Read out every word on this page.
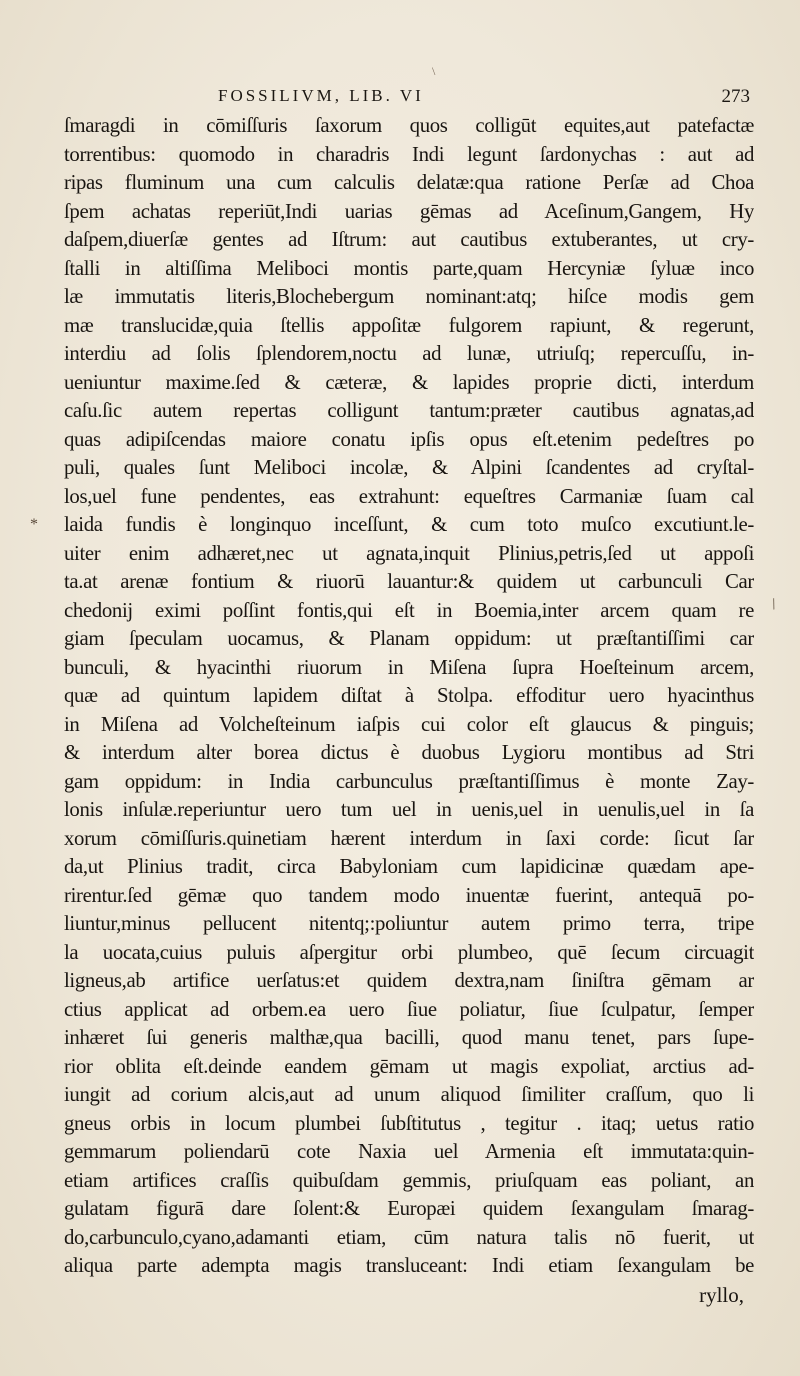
\
FOSSILIVM, LIB. VI	273
ſmaragdi in cōmiſſuris ſaxorum quos colligūt equites,aut patefactæ
torrentibus: quomodo in charadris Indi legunt ſardonychas : aut ad
ripas fluminum una cum calculis delatæ:qua ratione Perſæ ad Choa
ſpem achatas reperiūt,Indi uarias gēmas ad Aceſinum,Gangem, Hy
daſpem,diuerſæ gentes ad Iſtrum: aut cautibus extuberantes, ut cry-
ſtalli in altiſſima Meliboci montis parte,quam Hercyniæ ſyluæ inco
læ immutatis literis,Blochebergum nominant:atq; hiſce modis gem
mæ translucidæ,quia ſtellis appoſitæ fulgorem rapiunt, & regerunt,
interdiu ad ſolis ſplendorem,noctu ad lunæ, utriuſq; repercuſſu, in-
ueniuntur maxime.ſed & cæteræ, & lapides proprie dicti, interdum
caſu.ſic autem repertas colligunt tantum:præter cautibus agnatas,ad
quas adipiſcendas maiore conatu ipſis opus eſt.etenim pedeſtres po
puli, quales ſunt Meliboci incolæ, & Alpini ſcandentes ad cryſtal-
los,uel fune pendentes, eas extrahunt: equeſtres Carmaniæ ſuam cal
laida fundis è longinquo inceſſunt, & cum toto muſco excutiunt.le-
uiter enim adhæret,nec ut agnata,inquit Plinius,petris,ſed ut appoſi
ta.at arenæ fontium & riuorū lauantur:& quidem ut carbunculi Car
chedonij eximi poſſint fontis,qui eſt in Boemia,inter arcem quam re
giam ſpeculam uocamus, & Planam oppidum: ut præſtantiſſimi car
bunculi, & hyacinthi riuorum in Miſena ſupra Hoeſteinum arcem,
quæ ad quintum lapidem diſtat à Stolpa. effoditur uero hyacinthus
in Miſena ad Volcheſteinum iaſpis cui color eſt glaucus & pinguis;
& interdum alter borea dictus è duobus Lygioru montibus ad Stri
gam oppidum: in India carbunculus præſtantiſſimus è monte Zay-
lonis inſulæ.reperiuntur uero tum uel in uenis,uel in uenulis,uel in ſa
xorum cōmiſſuris.quinetiam hærent interdum in ſaxi corde: ſicut ſar
da,ut Plinius tradit, circa Babyloniam cum lapidicinæ quædam ape-
rirentur.ſed gēmæ quo tandem modo inuentæ fuerint, antequā po-
liuntur,minus pellucent nitentq;:poliuntur autem primo terra, tripe
la uocata,cuius puluis aſpergitur orbi plumbeo, quē ſecum circuagit
ligneus,ab artifice uerſatus:et quidem dextra,nam ſiniſtra gēmam ar
ctius applicat ad orbem.ea uero ſiue poliatur, ſiue ſculpatur, ſemper
inhæret ſui generis malthæ,qua bacilli, quod manu tenet, pars ſupe-
rior oblita eſt.deinde eandem gēmam ut magis expoliat, arctius ad-
iungit ad corium alcis,aut ad unum aliquod ſimiliter craſſum, quo li
gneus orbis in locum plumbei ſubſtitutus , tegitur . itaq; uetus ratio
gemmarum poliendarū cote Naxia uel Armenia eſt immutata:quin-
etiam artifices craſſis quibuſdam gemmis, priuſquam eas poliant, an
gulatam figurā dare ſolent:& Europæi quidem ſexangulam ſmarag-
do,carbunculo,cyano,adamanti etiam, cūm natura talis nō fuerit, ut
aliqua parte adempta magis transluceant: Indi etiam ſexangulam be
ryllo,
*
/
